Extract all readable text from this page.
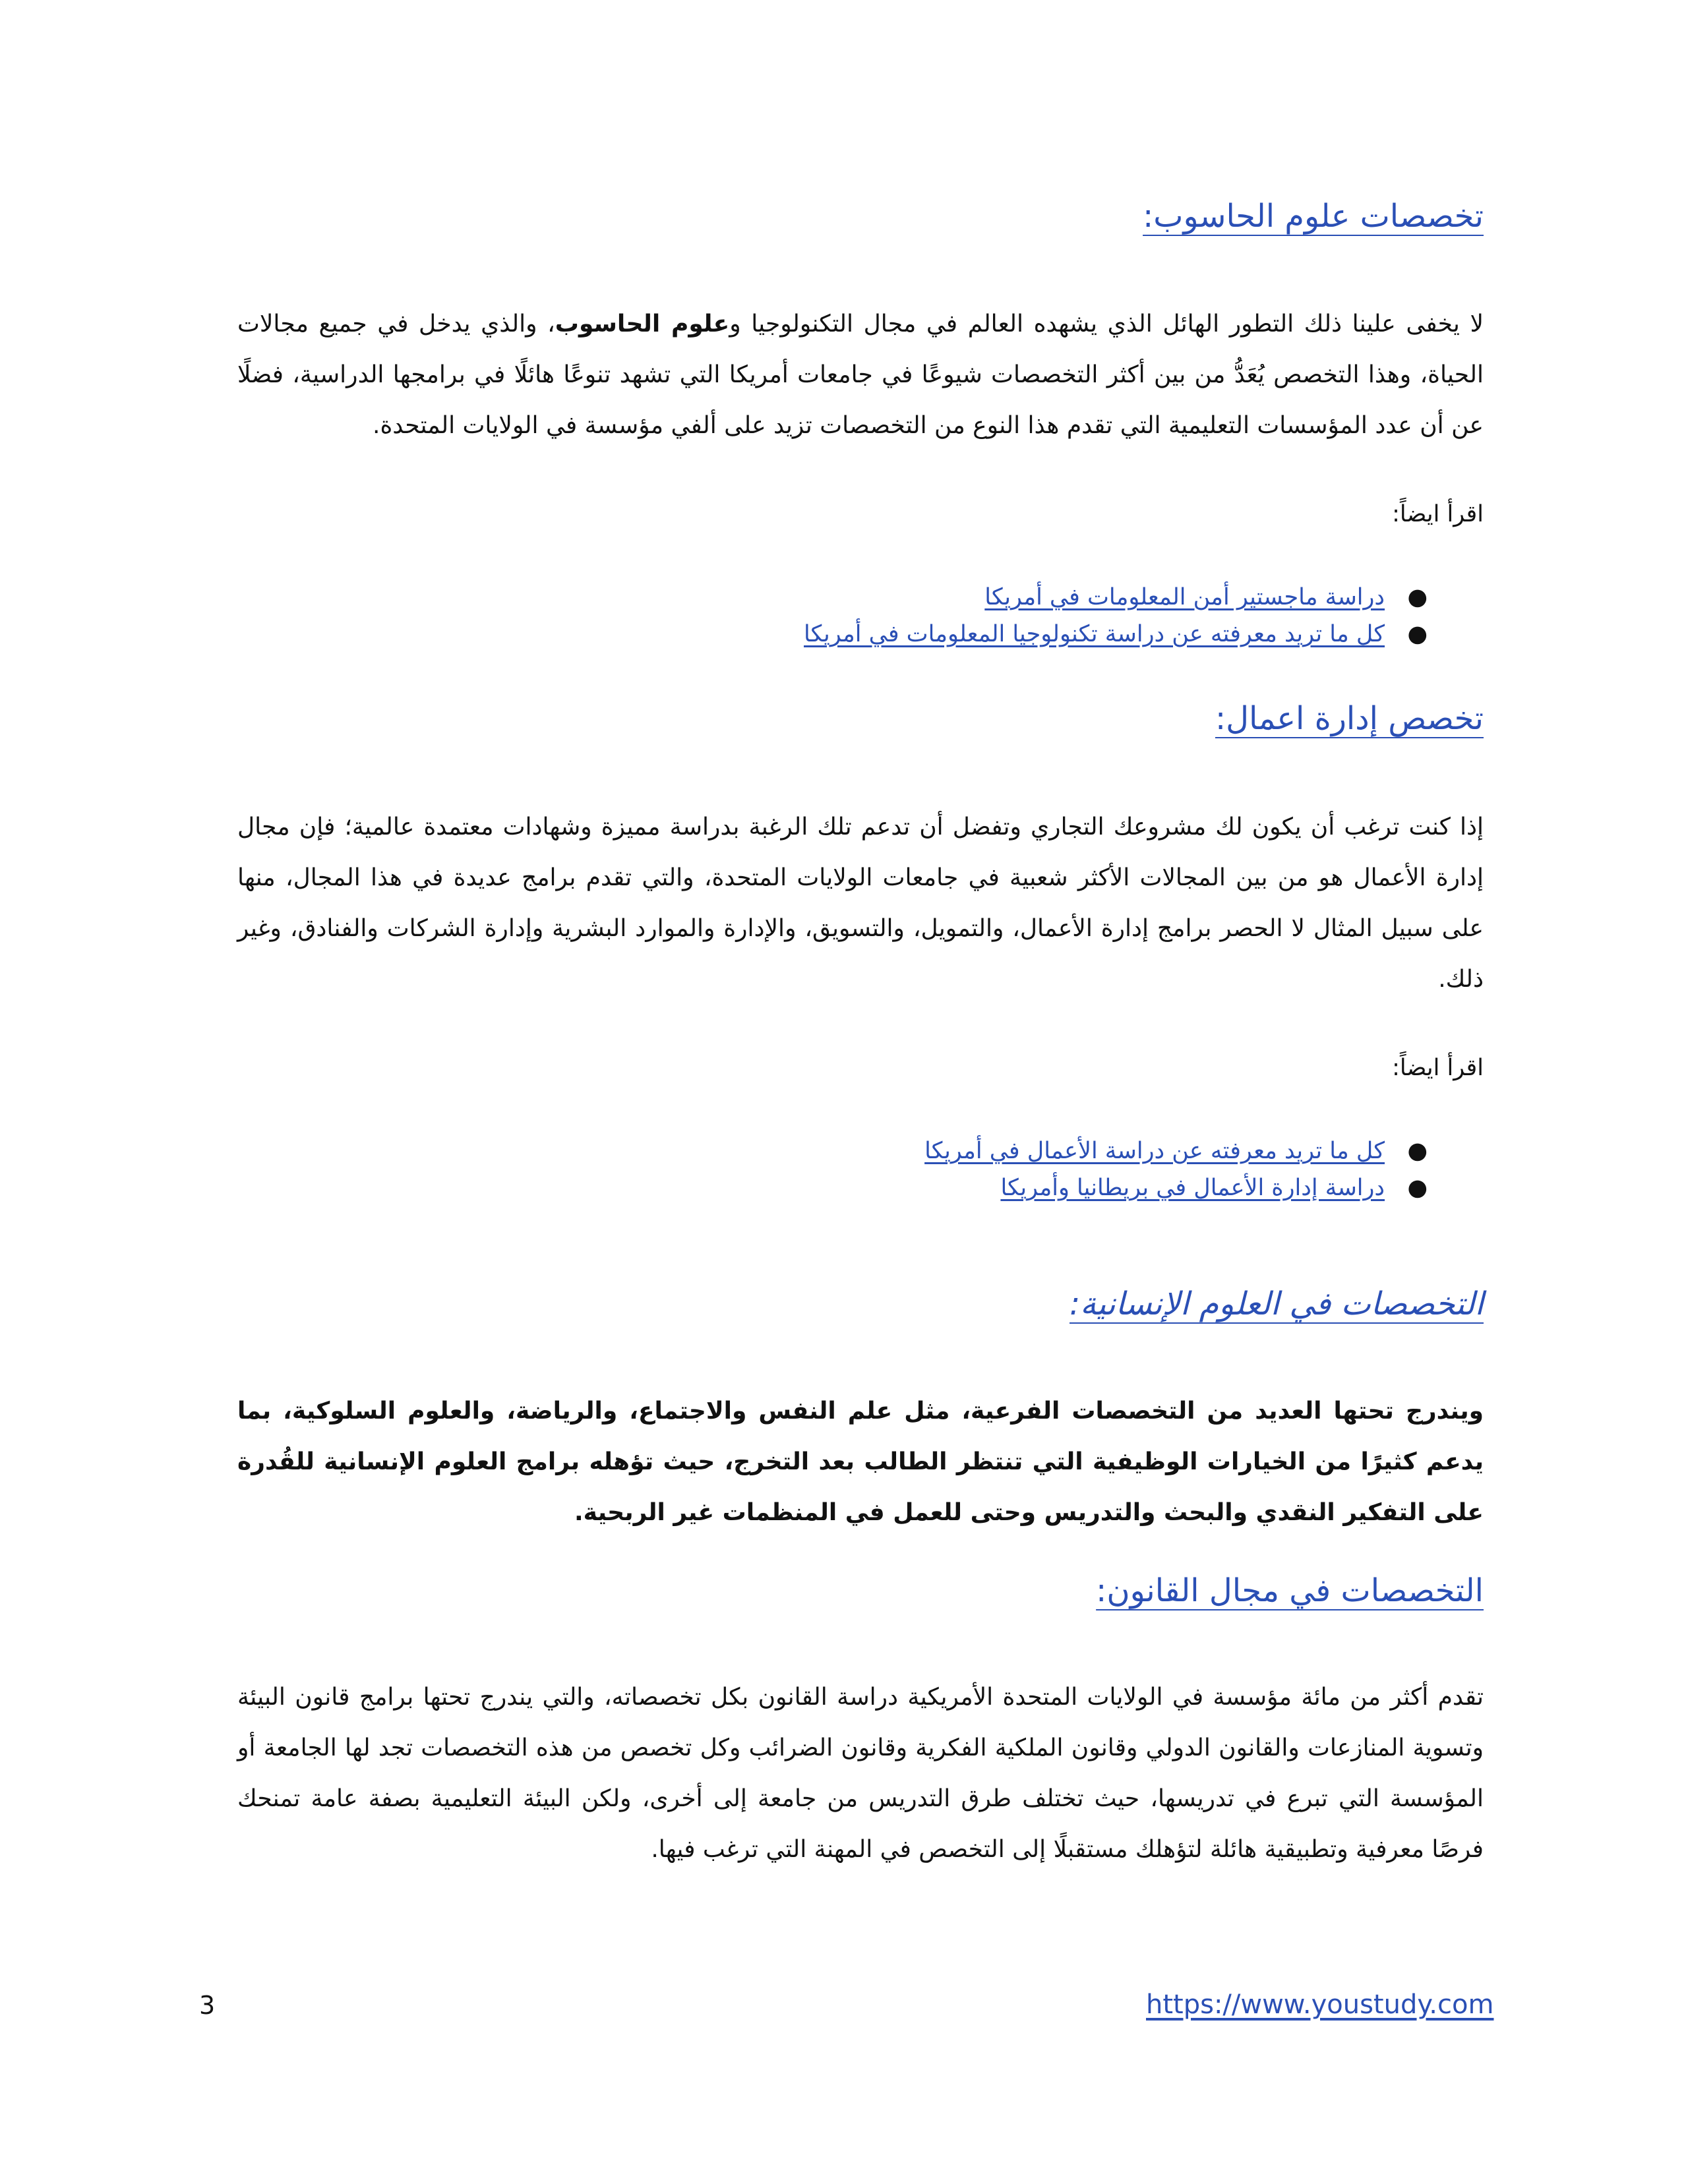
تخصصات علوم الحاسوب:

لا يخفى علينا ذلك التطور الهائل الذي يشهده العالم في مجال التكنولوجيا وعلوم الحاسوب، والذي يدخل في جميع مجالات الحياة، وهذا التخصص يُعَدُّ من بين أكثر التخصصات شيوعًا في جامعات أمريكا التي تشهد تنوعًا هائلًا في برامجها الدراسية، فضلًا عن أن عدد المؤسسات التعليمية التي تقدم هذا النوع من التخصصات تزيد على ألفي مؤسسة في الولايات المتحدة.

اقرأ ايضاً:

●
دراسة ماجستير أمن المعلومات في أمريكا
●
كل ما تريد معرفته عن دراسة تكنولوجيا المعلومات في أمريكا
تخصص إدارة اعمال:

إذا كنت ترغب أن يكون لك مشروعك التجاري وتفضل أن تدعم تلك الرغبة بدراسة مميزة وشهادات معتمدة عالمية؛ فإن مجال إدارة الأعمال هو من بين المجالات الأكثر شعبية في جامعات الولايات المتحدة، والتي تقدم برامج عديدة في هذا المجال، منها على سبيل المثال لا الحصر برامج إدارة الأعمال، والتمويل، والتسويق، والإدارة والموارد البشرية وإدارة الشركات والفنادق، وغير ذلك.

اقرأ ايضاً:

●
كل ما تريد معرفته عن دراسة الأعمال في أمريكا
●
دراسة إدارة الأعمال في بريطانيا وأمريكا
التخصصات في العلوم الإنسانية:

ويندرج تحتها العديد من التخصصات الفرعية، مثل علم النفس والاجتماع، والرياضة، والعلوم السلوكية، بما يدعم كثيرًا من الخيارات الوظيفية التي تنتظر الطالب بعد التخرج، حيث تؤهله برامج العلوم الإنسانية للقُدرة على التفكير النقدي والبحث والتدريس وحتى للعمل في المنظمات غير الربحية.

التخصصات في مجال القانون:

تقدم أكثر من مائة مؤسسة في الولايات المتحدة الأمريكية دراسة القانون بكل تخصصاته، والتي يندرج تحتها برامج قانون البيئة وتسوية المنازعات والقانون الدولي وقانون الملكية الفكرية وقانون الضرائب وكل تخصص من هذه التخصصات تجد لها الجامعة أو المؤسسة التي تبرع في تدريسها، حيث تختلف طرق التدريس من جامعة إلى أخرى، ولكن البيئة التعليمية بصفة عامة تمنحك فرصًا معرفية وتطبيقية هائلة لتؤهلك مستقبلًا إلى التخصص في المهنة التي ترغب فيها.

3	https://www.youstudy.com
